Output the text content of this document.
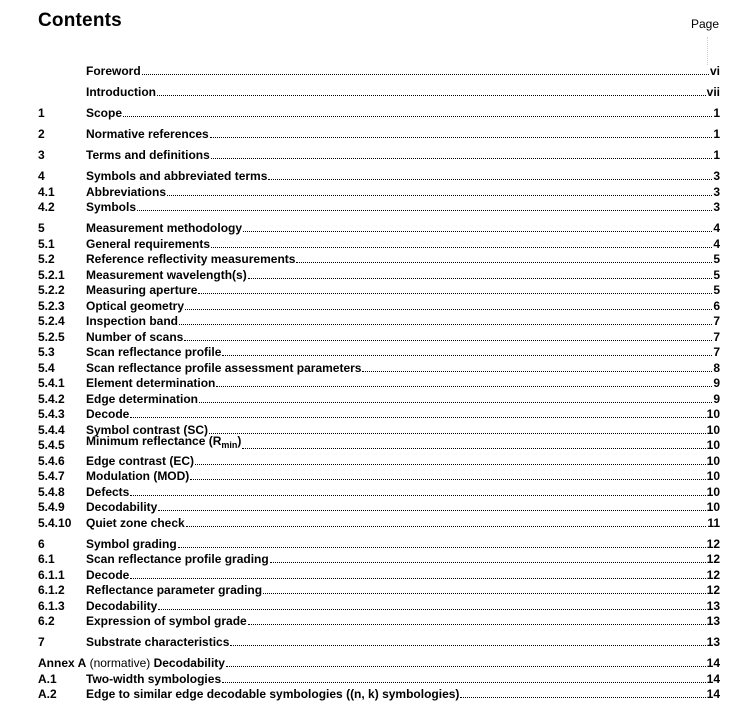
Contents	Page
Foreword	vi
Introduction	vii
1	Scope	1
2	Normative references	1
3	Terms and definitions	1
4	Symbols and abbreviated terms	3
4.1	Abbreviations	3
4.2	Symbols	3
5	Measurement methodology	4
5.1	General requirements	4
5.2	Reference reflectivity measurements	5
5.2.1	Measurement wavelength(s)	5
5.2.2	Measuring aperture	5
5.2.3	Optical geometry	6
5.2.4	Inspection band	7
5.2.5	Number of scans	7
5.3	Scan reflectance profile	7
5.4	Scan reflectance profile assessment parameters	8
5.4.1	Element determination	9
5.4.2	Edge determination	9
5.4.3	Decode	10
5.4.4	Symbol contrast (SC)	10
5.4.5	Minimum reflectance $(R_{min})$	10
5.4.6	Edge contrast (EC)	10
5.4.7	Modulation (MOD)	10
5.4.8	Defects	10
5.4.9	Decodability	10
5.4.10	Quiet zone check	11
6	Symbol grading	12
6.1	Scan reflectance profile grading	12
6.1.1	Decode	12
6.1.2	Reflectance parameter grading	12
6.1.3	Decodability	13
6.2	Expression of symbol grade	13
7	Substrate characteristics	13
Annex A (normative) Decodability	14
A.1	Two-width symbologies	14
A.2	Edge to similar edge decodable symbologies ((n, k) symbologies)	14
